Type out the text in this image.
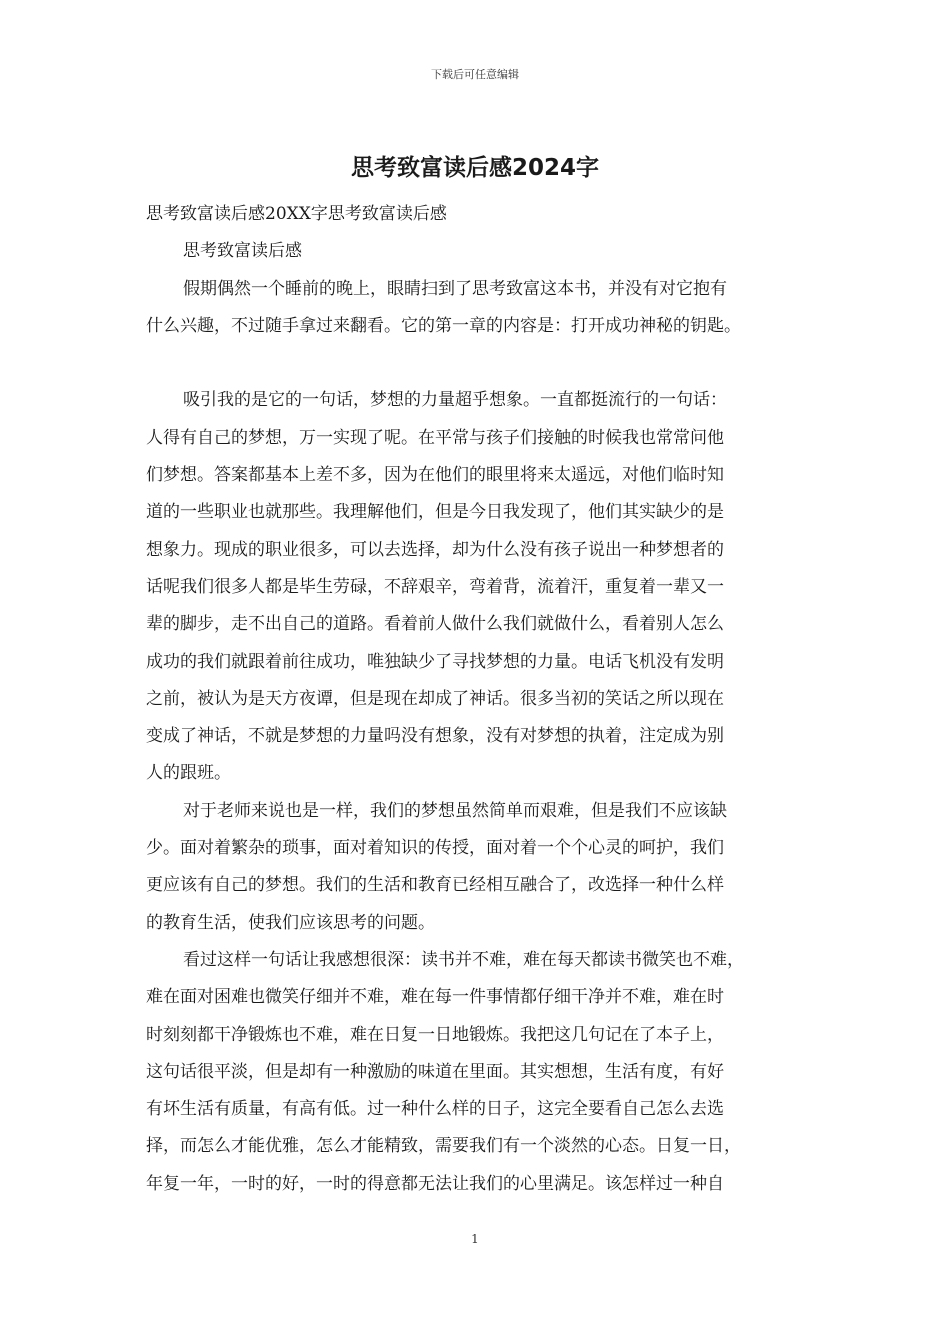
下载后可任意编辑
思考致富读后感2024字
思考致富读后感20XX字思考致富读后感
思考致富读后感
假期偶然一个睡前的晚上，眼睛扫到了思考致富这本书，并没有对它抱有
什么兴趣，不过随手拿过来翻看。它的第一章的内容是：打开成功神秘的钥匙。
吸引我的是它的一句话，梦想的力量超乎想象。一直都挺流行的一句话：
人得有自己的梦想，万一实现了呢。在平常与孩子们接触的时候我也常常问他
们梦想。答案都基本上差不多，因为在他们的眼里将来太遥远，对他们临时知
道的一些职业也就那些。我理解他们，但是今日我发现了，他们其实缺少的是
想象力。现成的职业很多，可以去选择，却为什么没有孩子说出一种梦想者的
话呢我们很多人都是毕生劳碌，不辞艰辛，弯着背，流着汗，重复着一辈又一
辈的脚步，走不出自己的道路。看着前人做什么我们就做什么，看着别人怎么
成功的我们就跟着前往成功，唯独缺少了寻找梦想的力量。电话飞机没有发明
之前，被认为是天方夜谭，但是现在却成了神话。很多当初的笑话之所以现在
变成了神话，不就是梦想的力量吗没有想象，没有对梦想的执着，注定成为别
人的跟班。
对于老师来说也是一样，我们的梦想虽然简单而艰难，但是我们不应该缺
少。面对着繁杂的琐事，面对着知识的传授，面对着一个个心灵的呵护，我们
更应该有自己的梦想。我们的生活和教育已经相互融合了，改选择一种什么样
的教育生活，使我们应该思考的问题。
看过这样一句话让我感想很深：读书并不难，难在每天都读书微笑也不难，
难在面对困难也微笑仔细并不难，难在每一件事情都仔细干净并不难，难在时
时刻刻都干净锻炼也不难，难在日复一日地锻炼。我把这几句记在了本子上，
这句话很平淡，但是却有一种激励的味道在里面。其实想想，生活有度，有好
有坏生活有质量，有高有低。过一种什么样的日子，这完全要看自己怎么去选
择，而怎么才能优雅，怎么才能精致，需要我们有一个淡然的心态。日复一日，
年复一年，一时的好，一时的得意都无法让我们的心里满足。该怎样过一种自
1
